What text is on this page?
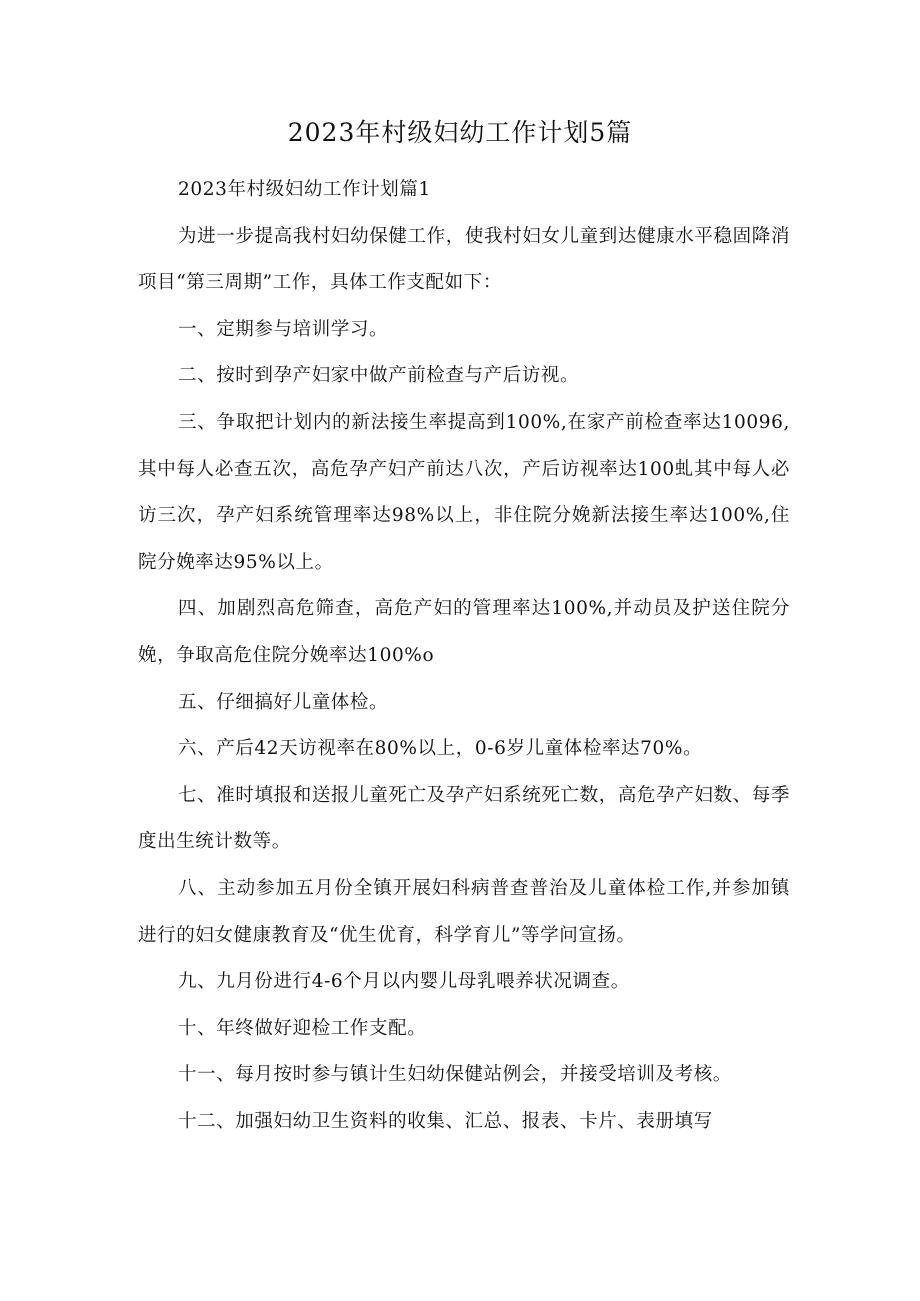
2023年村级妇幼工作计划5篇

2023年村级妇幼工作计划篇1

为进一步提高我村妇幼保健工作，使我村妇女儿童到达健康水平稳固降消项目“第三周期”工作，具体工作支配如下：

一、定期参与培训学习。

二、按时到孕产妇家中做产前检查与产后访视。

三、争取把计划内的新法接生率提高到100%,在家产前检查率达10096,其中每人必查五次，高危孕产妇产前达八次，产后访视率达100虬其中每人必访三次，孕产妇系统管理率达98%以上，非住院分娩新法接生率达100%,住院分娩率达95%以上。

四、加剧烈高危筛查，高危产妇的管理率达100%,并动员及护送住院分娩，争取高危住院分娩率达100%o

五、仔细搞好儿童体检。

六、产后42天访视率在80%以上，0-6岁儿童体检率达70%。

七、准时填报和送报儿童死亡及孕产妇系统死亡数，高危孕产妇数、每季度出生统计数等。

八、主动参加五月份全镇开展妇科病普查普治及儿童体检工作,并参加镇进行的妇女健康教育及“优生优育，科学育儿”等学问宣扬。

九、九月份进行4-6个月以内婴儿母乳喂养状况调查。

十、年终做好迎检工作支配。

十一、每月按时参与镇计生妇幼保健站例会，并接受培训及考核。

十二、加强妇幼卫生资料的收集、汇总、报表、卡片、表册填写
